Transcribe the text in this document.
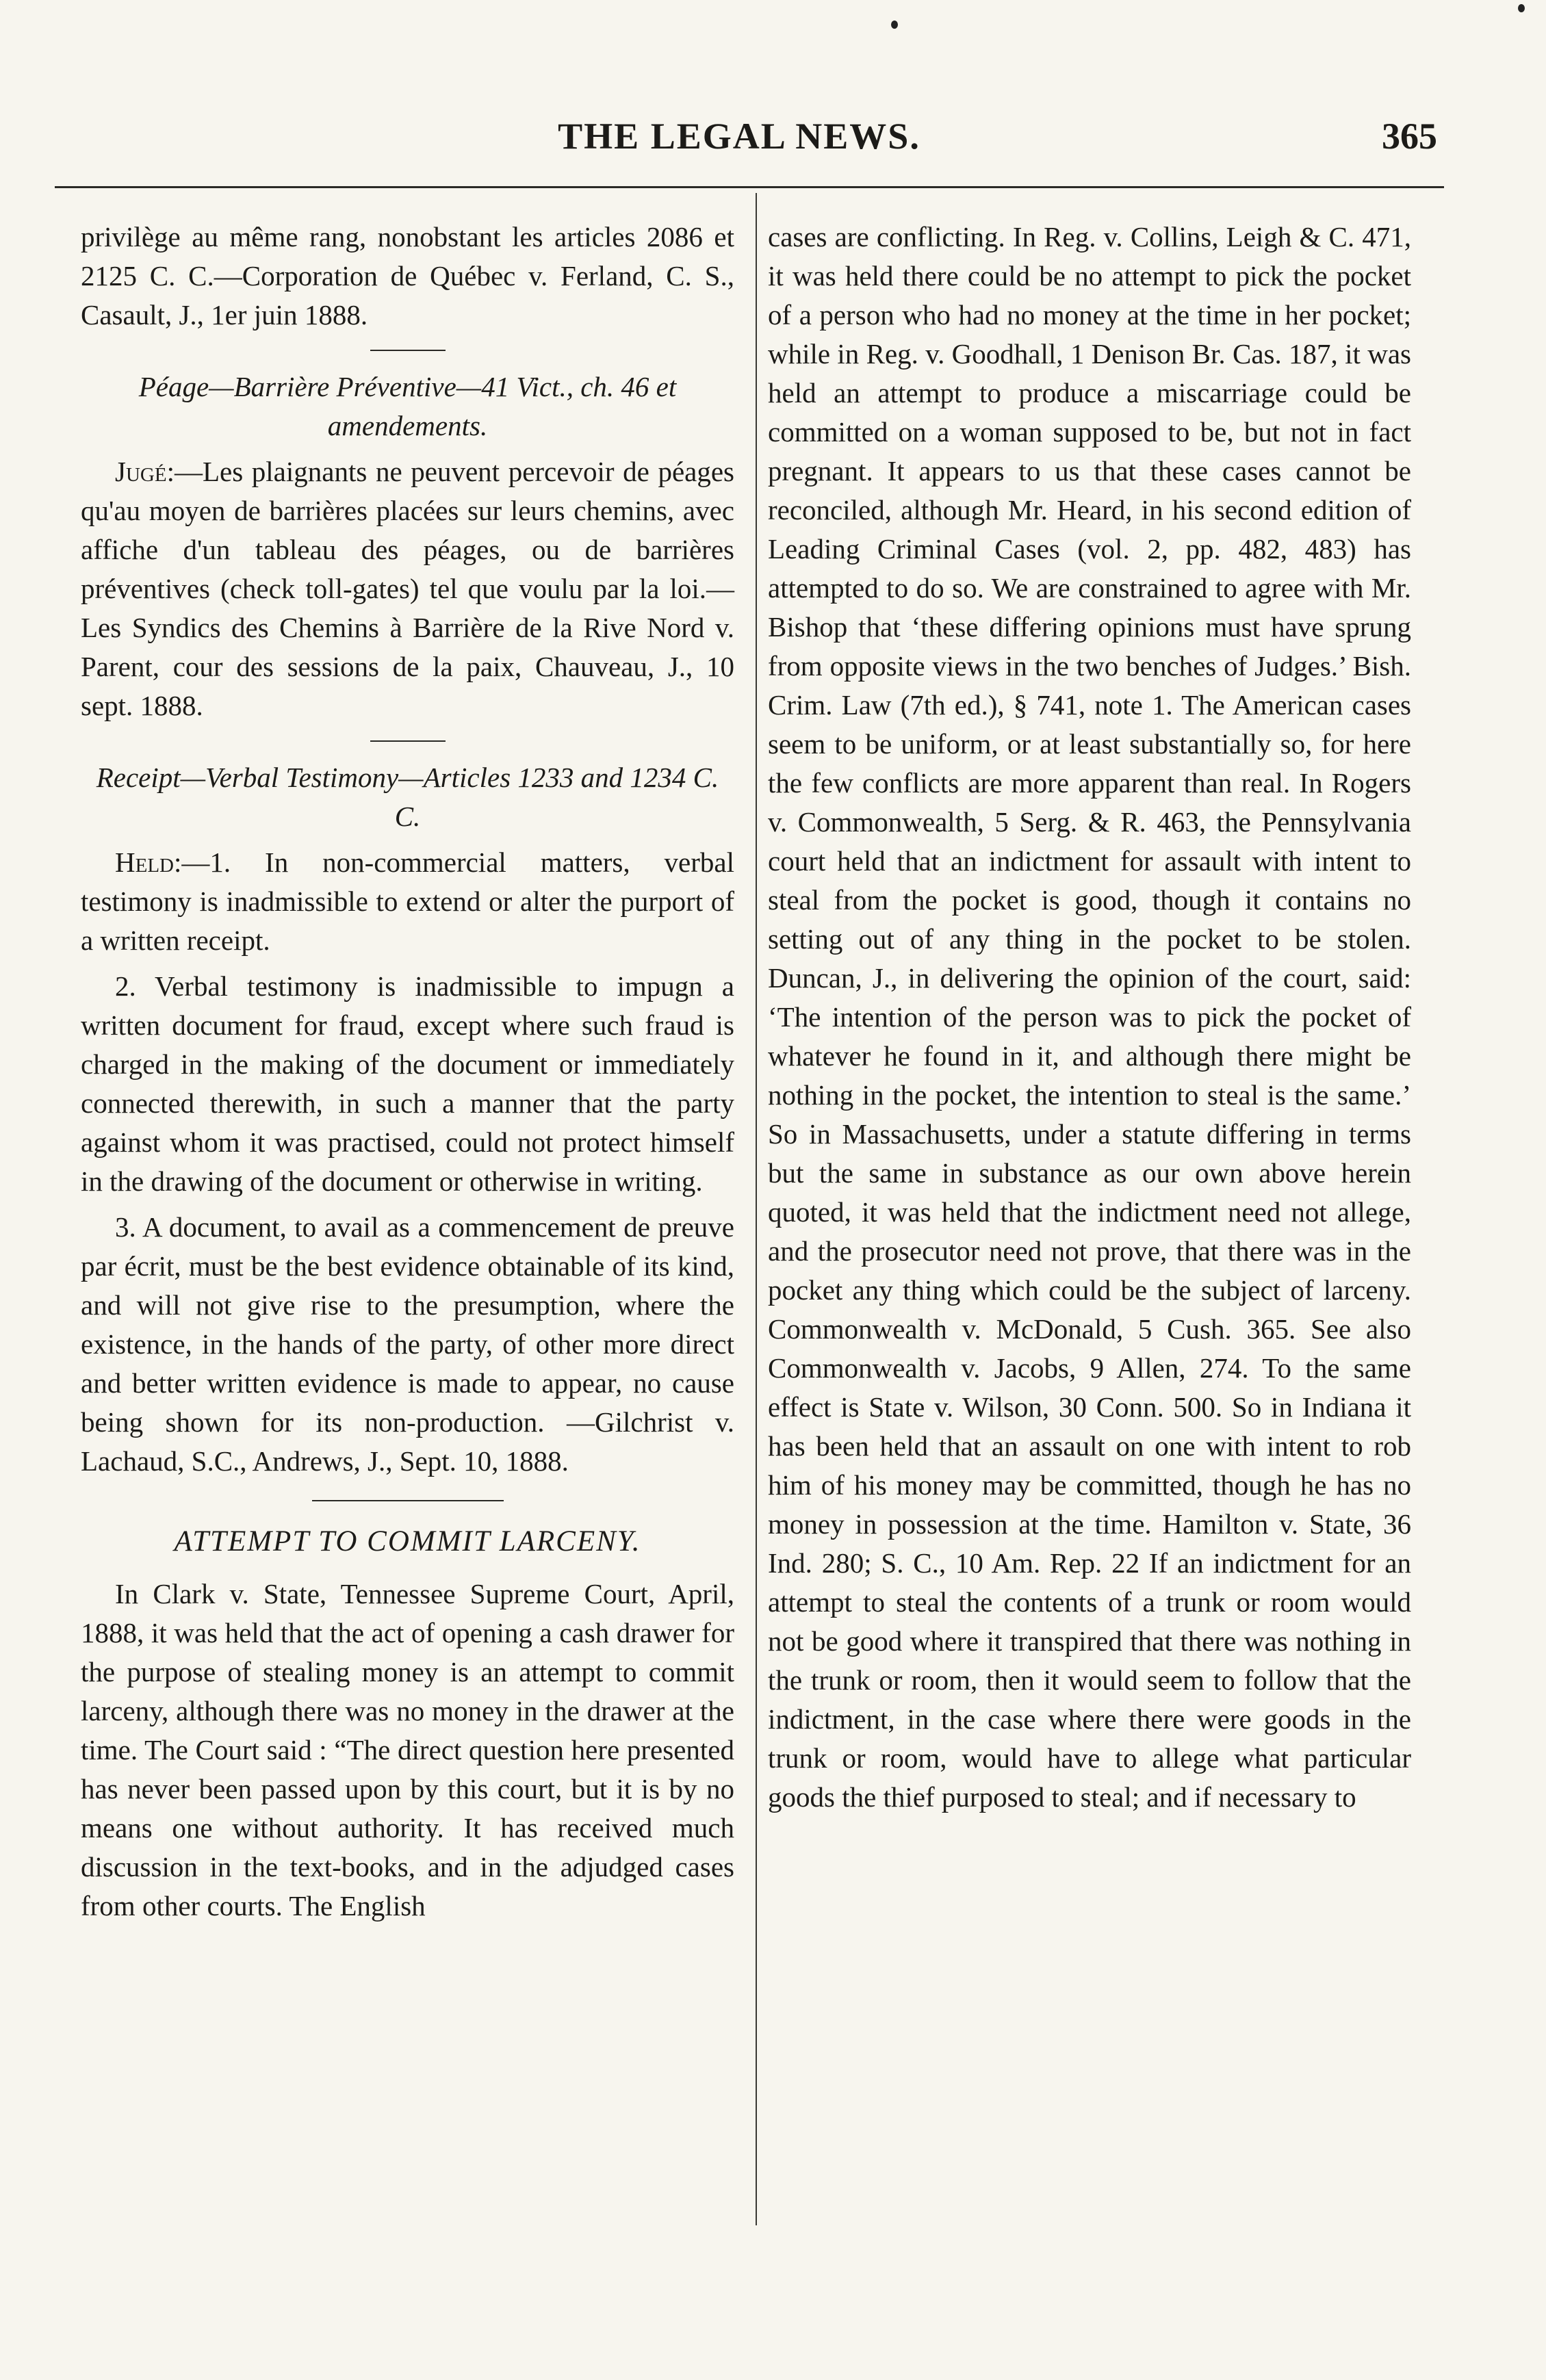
THE LEGAL NEWS.	365

privilège au même rang, nonobstant les articles 2086 et 2125 C. C.—Corporation de Québec v. Ferland, C. S., Casault, J., 1er juin 1888.

Péage—Barrière Préventive—41 Vict., ch. 46 et amendements.

Jugé:—Les plaignants ne peuvent percevoir de péages qu'au moyen de barrières placées sur leurs chemins, avec affiche d'un tableau des péages, ou de barrières préventives (check toll-gates) tel que voulu par la loi.—Les Syndics des Chemins à Barrière de la Rive Nord v. Parent, cour des sessions de la paix, Chauveau, J., 10 sept. 1888.

Receipt—Verbal Testimony—Articles 1233 and 1234 C. C.

Held:—1. In non-commercial matters, verbal testimony is inadmissible to extend or alter the purport of a written receipt.

2. Verbal testimony is inadmissible to impugn a written document for fraud, except where such fraud is charged in the making of the document or immediately connected therewith, in such a manner that the party against whom it was practised, could not protect himself in the drawing of the document or otherwise in writing.

3. A document, to avail as a commencement de preuve par écrit, must be the best evidence obtainable of its kind, and will not give rise to the presumption, where the existence, in the hands of the party, of other more direct and better written evidence is made to appear, no cause being shown for its non-production. —Gilchrist v. Lachaud, S.C., Andrews, J., Sept. 10, 1888.

ATTEMPT TO COMMIT LARCENY.

In Clark v. State, Tennessee Supreme Court, April, 1888, it was held that the act of opening a cash drawer for the purpose of stealing money is an attempt to commit larceny, although there was no money in the drawer at the time. The Court said : “The direct question here presented has never been passed upon by this court, but it is by no means one without authority. It has received much discussion in the text-books, and in the adjudged cases from other courts. The English

cases are conflicting. In Reg. v. Collins, Leigh & C. 471, it was held there could be no attempt to pick the pocket of a person who had no money at the time in her pocket; while in Reg. v. Goodhall, 1 Denison Br. Cas. 187, it was held an attempt to produce a miscarriage could be committed on a woman supposed to be, but not in fact pregnant. It appears to us that these cases cannot be reconciled, although Mr. Heard, in his second edition of Leading Criminal Cases (vol. 2, pp. 482, 483) has attempted to do so. We are constrained to agree with Mr. Bishop that ‘these differing opinions must have sprung from opposite views in the two benches of Judges.’ Bish. Crim. Law (7th ed.), § 741, note 1. The American cases seem to be uniform, or at least substantially so, for here the few conflicts are more apparent than real. In Rogers v. Commonwealth, 5 Serg. & R. 463, the Pennsylvania court held that an indictment for assault with intent to steal from the pocket is good, though it contains no setting out of any thing in the pocket to be stolen. Duncan, J., in delivering the opinion of the court, said: ‘The intention of the person was to pick the pocket of whatever he found in it, and although there might be nothing in the pocket, the intention to steal is the same.’ So in Massachusetts, under a statute differing in terms but the same in substance as our own above herein quoted, it was held that the indictment need not allege, and the prosecutor need not prove, that there was in the pocket any thing which could be the subject of larceny. Commonwealth v. McDonald, 5 Cush. 365. See also Commonwealth v. Jacobs, 9 Allen, 274. To the same effect is State v. Wilson, 30 Conn. 500. So in Indiana it has been held that an assault on one with intent to rob him of his money may be committed, though he has no money in possession at the time. Hamilton v. State, 36 Ind. 280; S. C., 10 Am. Rep. 22 If an indictment for an attempt to steal the contents of a trunk or room would not be good where it transpired that there was nothing in the trunk or room, then it would seem to follow that the indictment, in the case where there were goods in the trunk or room, would have to allege what particular goods the thief purposed to steal; and if necessary to
